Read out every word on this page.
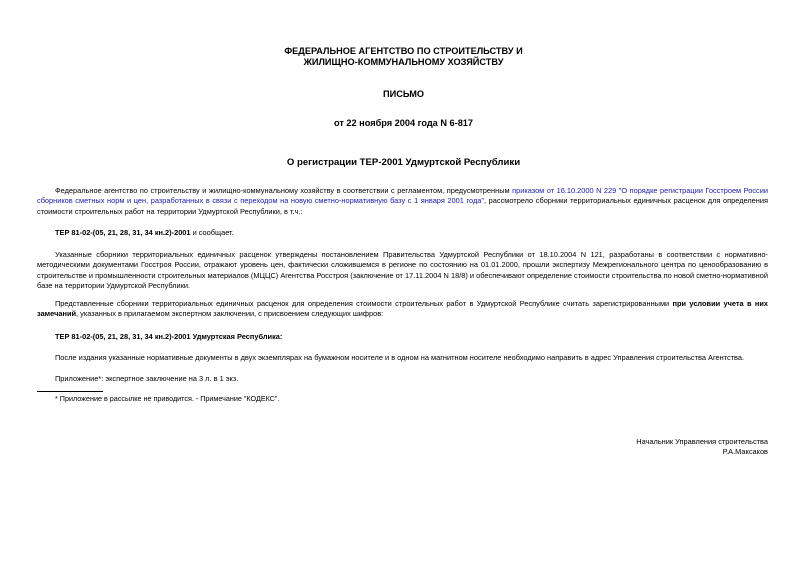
ФЕДЕРАЛЬНОЕ АГЕНТСТВО ПО СТРОИТЕЛЬСТВУ И
ЖИЛИЩНО-КОММУНАЛЬНОМУ ХОЗЯЙСТВУ
ПИСЬМО
от 22 ноября 2004 года N 6-817
О регистрации ТЕР-2001 Удмуртской Республики
Федеральное агентство по строительству и жилищно-коммунальному хозяйству в соответствии с регламентом, предусмотренным приказом от 16.10.2000 N 229 "О порядке регистрации Госстроем России сборников сметных норм и цен, разработанных в связи с переходом на новую сметно-нормативную базу с 1 января 2001 года", рассмотрело сборники территориальных единичных расценок для определения стоимости строительных работ на территории Удмуртской Республики, в т.ч.:
ТЕР 81-02-(05, 21, 28, 31, 34 кн.2)-2001 и сообщает.
Указанные сборники территориальных единичных расценок утверждены постановлением Правительства Удмуртской Республики от 18.10.2004 N 121, разработаны в соответствии с нормативно-методическими документами Госстроя России, отражают уровень цен, фактически сложившемся в регионе по состоянию на 01.01.2000, прошли экспертизу Межрегионального центра по ценообразованию в строительстве и промышленности строительных материалов (МЦЦС) Агентства Росстроя (заключение от 17.11.2004 N 18/8) и обеспечивают определение стоимости строительства по новой сметно-нормативной базе на территории Удмуртской Республики.
Представленные сборники территориальных единичных расценок для определения стоимости строительных работ в Удмуртской Республике считать зарегистрированными при условии учета в них замечаний, указанных в прилагаемом экспертном заключении, с присвоением следующих шифров:
ТЕР 81-02-(05, 21, 28, 31, 34 кн.2)-2001 Удмуртская Республика:
После издания указанные нормативные документы в двух экземплярах на бумажном носителе и в одном на магнитном носителе необходимо направить в адрес Управления строительства Агентства.
Приложение*: экспертное заключение на 3 л. в 1 экз.
* Приложение в рассылке не приводится. - Примечание "КОДЕКС".
Начальник Управления строительства
Р.А.Максаков
